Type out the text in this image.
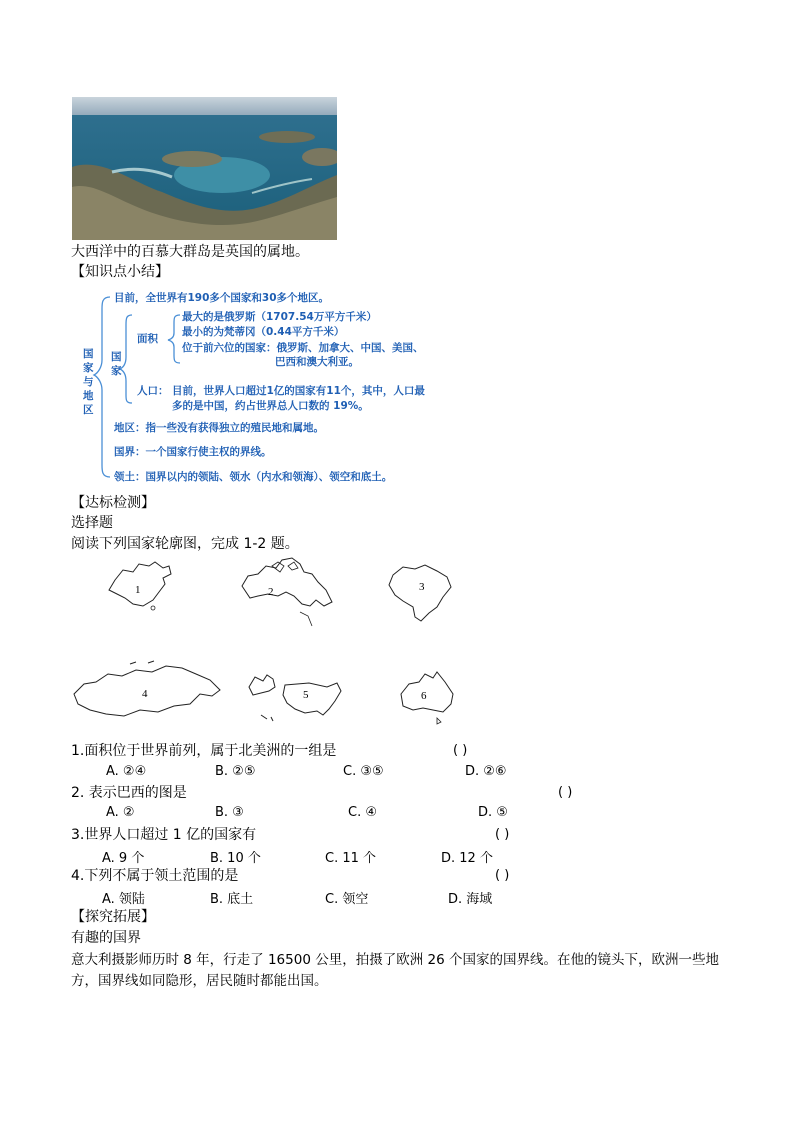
大西洋中的百慕大群岛是英国的属地。
【知识点小结】
国家与地区
国家
面积
人口：
目前，全世界有190多个国家和30多个地区。
最大的是俄罗斯（1707.54万平方千米）
最小的为梵蒂冈（0.44平方千米）
位于前六位的国家：俄罗斯、加拿大、中国、美国、
巴西和澳大利亚。
目前，世界人口超过1亿的国家有11个，其中，人口最
多的是中国，约占世界总人口数的 19%。
地区：指一些没有获得独立的殖民地和属地。
国界：一个国家行使主权的界线。
领土：国界以内的领陆、领水（内水和领海）、领空和底土。
【达标检测】
选择题
阅读下列国家轮廓图，完成 1-2 题。
1	2	3
4	5	6
1.面积位于世界前列，属于北美洲的一组是	( )
A. ②④	B. ②⑤	C. ③⑤	D. ②⑥
2. 表示巴西的图是	( )
A. ②	B. ③	C. ④	D. ⑤
3.世界人口超过 1 亿的国家有	( )
A. 9 个	B. 10 个	C. 11 个	D. 12 个
4.下列不属于领土范围的是	( )
A. 领陆	B. 底土	C. 领空	D. 海域
【探究拓展】
有趣的国界
意大利摄影师历时 8 年，行走了 16500 公里，拍摄了欧洲 26 个国家的国界线。在他的镜头下，欧洲一些地
方，国界线如同隐形，居民随时都能出国。
